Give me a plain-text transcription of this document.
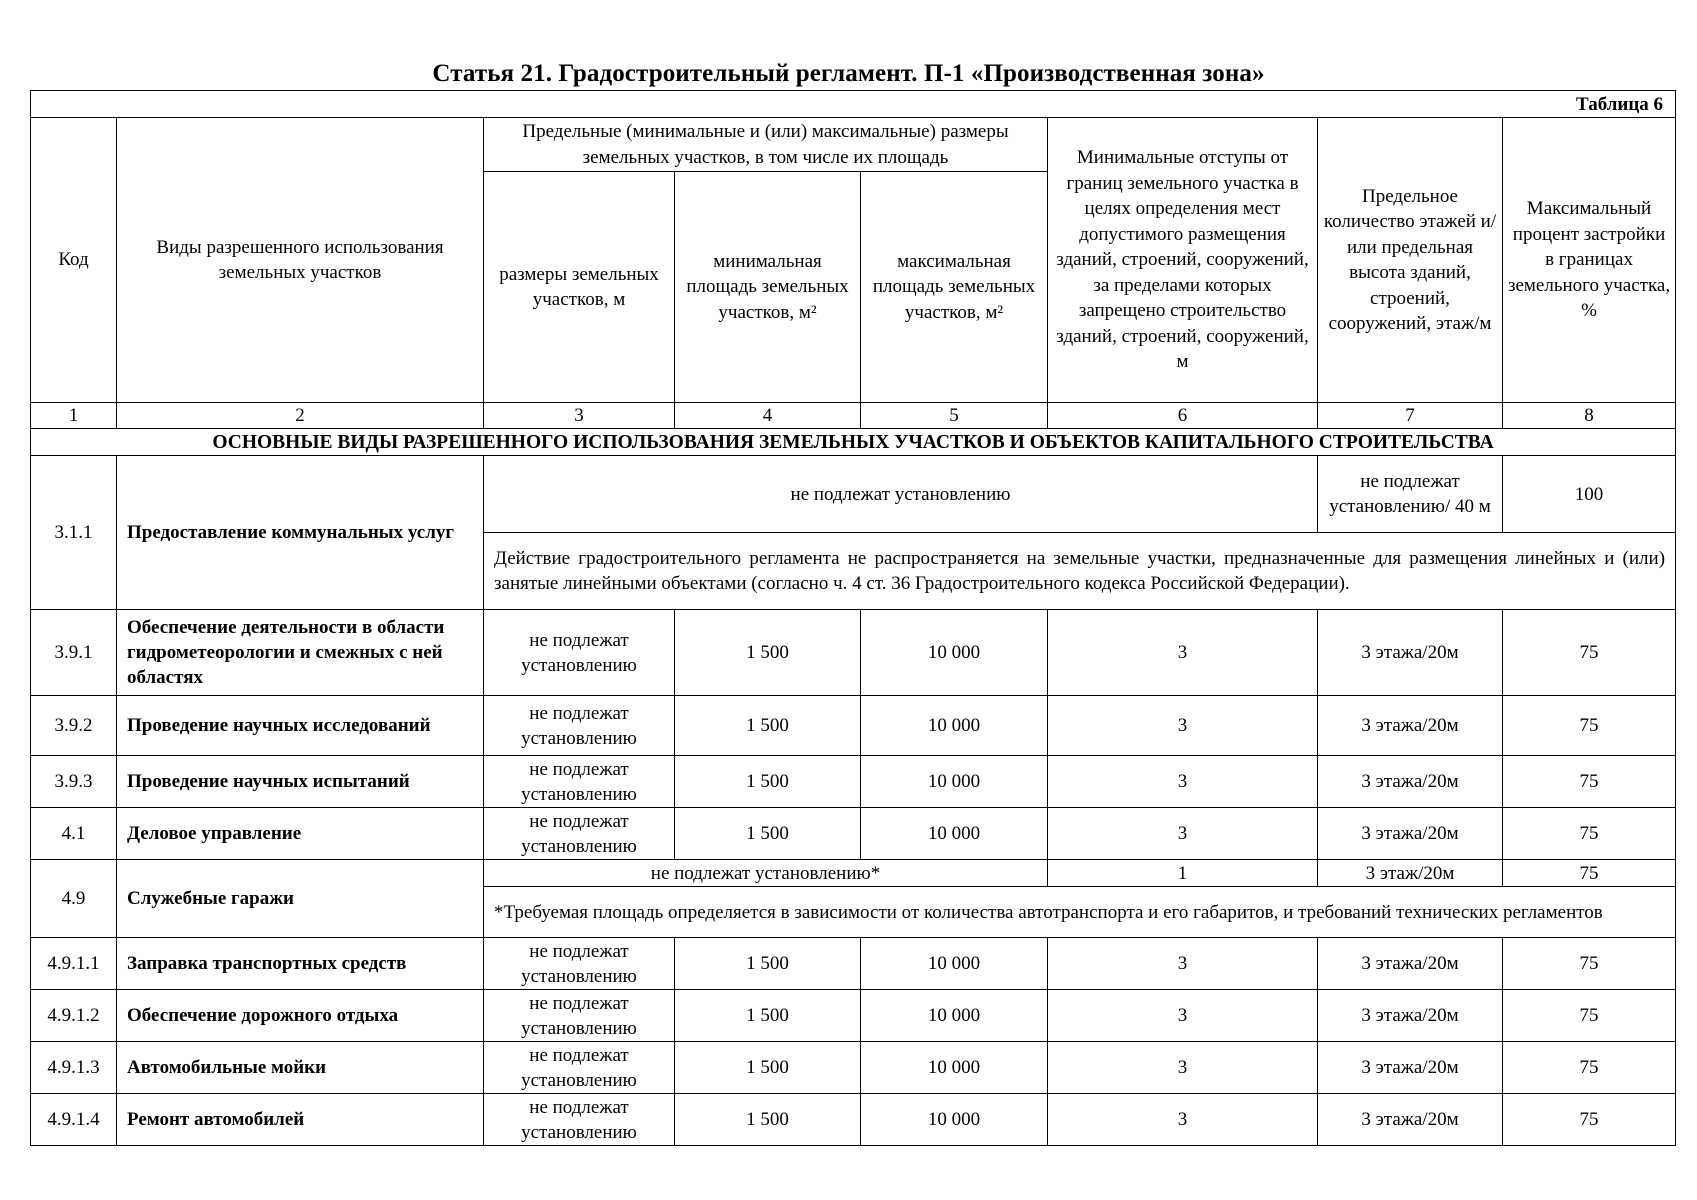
Статья 21. Градостроительный регламент. П-1 «Производственная зона»
Таблица 6							
Код	Виды разрешенного использования земельных участков	Предельные (минимальные и (или) максимальные) размеры земельных участков, в том числе их площадь			Минимальные отступы от границ земельного участка в целях определения мест допустимого размещения зданий, строений, сооружений, за пределами которых запрещено строительство зданий, строений, сооружений, м	Предельное количество этажей и/или предельная высота зданий, строений, сооружений, этаж/м	Максимальный процент застройки в границах земельного участка, %
		размеры земельных участков, м	минимальная площадь земельных участков, м²	максимальная площадь земельных участков, м²			
1	2	3	4	5	6	7	8
ОСНОВНЫЕ ВИДЫ РАЗРЕШЕННОГО ИСПОЛЬЗОВАНИЯ ЗЕМЕЛЬНЫХ УЧАСТКОВ И ОБЪЕКТОВ КАПИТАЛЬНОГО СТРОИТЕЛЬСТВА							
3.1.1	Предоставление коммунальных услуг	не подлежат установлению				не подлежат установлению/ 40 м	100
		Действие градостроительного регламента не распространяется на земельные участки, предназначенные для размещения линейных и (или) занятые линейными объектами (согласно ч. 4 ст. 36 Градостроительного кодекса Российской Федерации).					
3.9.1	Обеспечение деятельности в области гидрометеорологии и смежных с ней областях	не подлежат установлению	1 500	10 000	3	3 этажа/20м	75
3.9.2	Проведение научных исследований	не подлежат установлению	1 500	10 000	3	3 этажа/20м	75
3.9.3	Проведение научных испытаний	не подлежат установлению	1 500	10 000	3	3 этажа/20м	75
4.1	Деловое управление	не подлежат установлению	1 500	10 000	3	3 этажа/20м	75
4.9	Служебные гаражи	не подлежат установлению*			1	3 этаж/20м	75
		*Требуемая площадь определяется в зависимости от количества автотранспорта и его габаритов, и требований технических регламентов					
4.9.1.1	Заправка транспортных средств	не подлежат установлению	1 500	10 000	3	3 этажа/20м	75
4.9.1.2	Обеспечение дорожного отдыха	не подлежат установлению	1 500	10 000	3	3 этажа/20м	75
4.9.1.3	Автомобильные мойки	не подлежат установлению	1 500	10 000	3	3 этажа/20м	75
4.9.1.4	Ремонт автомобилей	не подлежат установлению	1 500	10 000	3	3 этажа/20м	75
